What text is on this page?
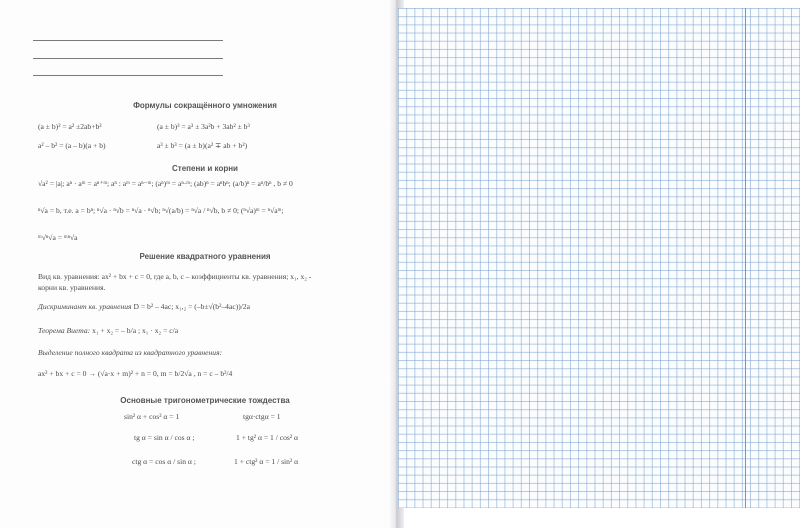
Формулы сокращённого умножения
(a ± b)² = a² ±2ab+b²	(a ± b)³ = a³ ± 3a²b + 3ab² ± b³
a² – b² = (a – b)(a + b)	a³ ± b³ = (a ± b)(a² ∓ ab + b²)
Степени и корни
√a² = |a|; aⁿ · aᵐ = aⁿ⁺ᵐ; aⁿ : aᵐ = aⁿ⁻ᵐ; (aⁿ)ᵐ = aⁿ·ᵐ; (ab)ⁿ = aⁿbⁿ; (a/b)ⁿ = aⁿ/bⁿ , b ≠ 0
ⁿ√a = b, т.е. a = bⁿ; ⁿ√a · ⁿ√b = ⁿ√a · ⁿ√b; ⁿ√(a/b) = ⁿ√a / ⁿ√b, b ≠ 0; (ⁿ√a)ᵐ = ⁿ√aᵐ;
ᵐ√ⁿ√a = ᵐⁿ√a
Решение квадратного уравнения
Вид кв. уравнения: ax² + bx + c = 0, где a, b, c – коэффициенты кв. уравнения; x₁, x₂ -
корни кв. уравнения.
Дискриминант кв. уравнения D = b² – 4ac; x₁,₂ = (–b±√(b²–4ac))/2a
Теорема Виета: x₁ + x₂ = – b/a ; x₁ · x₂ = c/a
Выделение полного квадрата из квадратного уравнения:
ax² + bx + c = 0 → (√a·x + m)² + n = 0, m = b/2√a , n = c – b²/4
Основные тригонометрические тождества
sin² α + cos² α = 1	tgα·ctgα = 1
tg α = sin α / cos α ;	1 + tg² α = 1 / cos² α
ctg α = cos α / sin α ;	1 + ctg² α = 1 / sin² α
